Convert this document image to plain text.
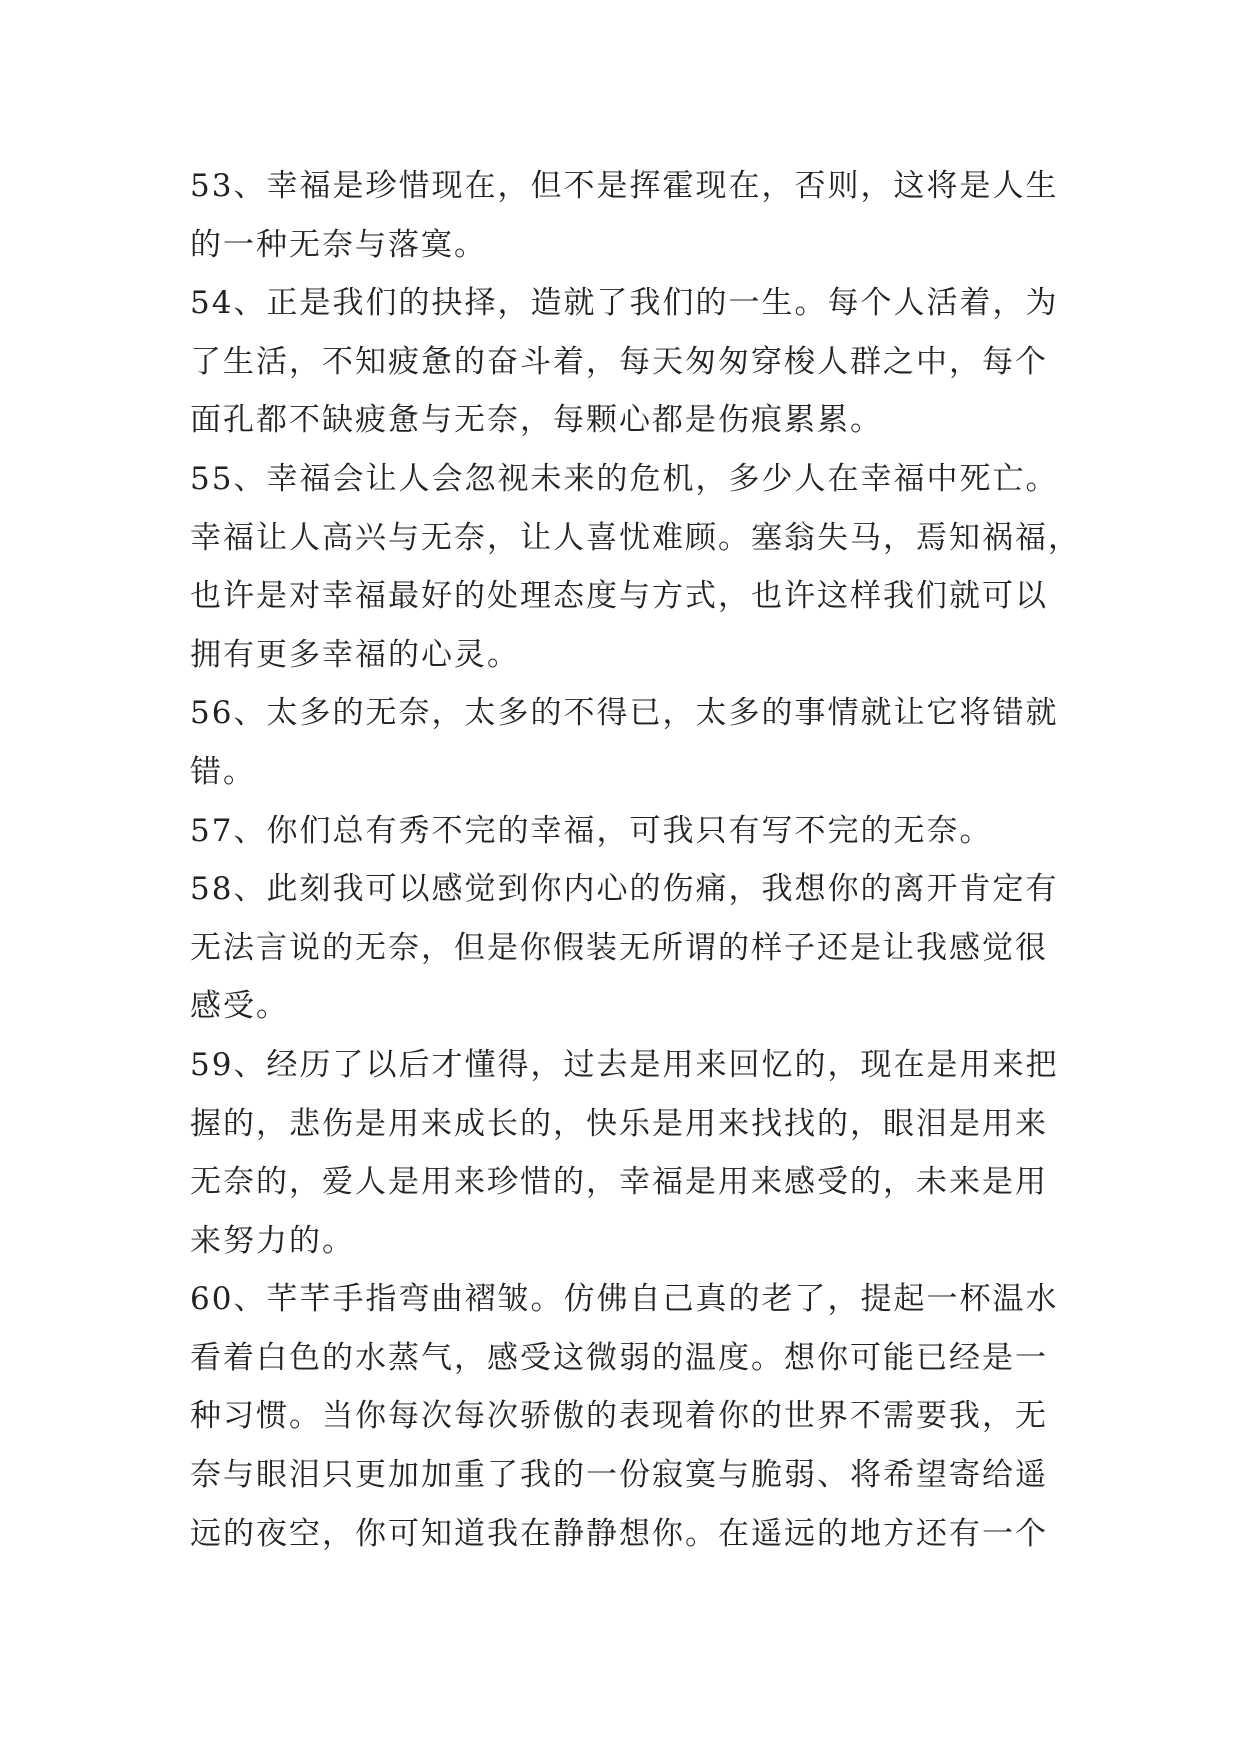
53、幸福是珍惜现在，但不是挥霍现在，否则，这将是人生
的一种无奈与落寞。
54、正是我们的抉择，造就了我们的一生。每个人活着，为
了生活，不知疲惫的奋斗着，每天匆匆穿梭人群之中，每个
面孔都不缺疲惫与无奈，每颗心都是伤痕累累。
55、幸福会让人会忽视未来的危机，多少人在幸福中死亡。
幸福让人高兴与无奈，让人喜忧难顾。塞翁失马，焉知祸福，
也许是对幸福最好的处理态度与方式，也许这样我们就可以
拥有更多幸福的心灵。
56、太多的无奈，太多的不得已，太多的事情就让它将错就
错。
57、你们总有秀不完的幸福，可我只有写不完的无奈。
58、此刻我可以感觉到你内心的伤痛，我想你的离开肯定有
无法言说的无奈，但是你假装无所谓的样子还是让我感觉很
感受。
59、经历了以后才懂得，过去是用来回忆的，现在是用来把
握的，悲伤是用来成长的，快乐是用来找找的，眼泪是用来
无奈的，爱人是用来珍惜的，幸福是用来感受的，未来是用
来努力的。
60、芊芊手指弯曲褶皱。仿佛自己真的老了，提起一杯温水
看着白色的水蒸气，感受这微弱的温度。想你可能已经是一
种习惯。当你每次每次骄傲的表现着你的世界不需要我，无
奈与眼泪只更加加重了我的一份寂寞与脆弱、将希望寄给遥
远的夜空，你可知道我在静静想你。在遥远的地方还有一个
